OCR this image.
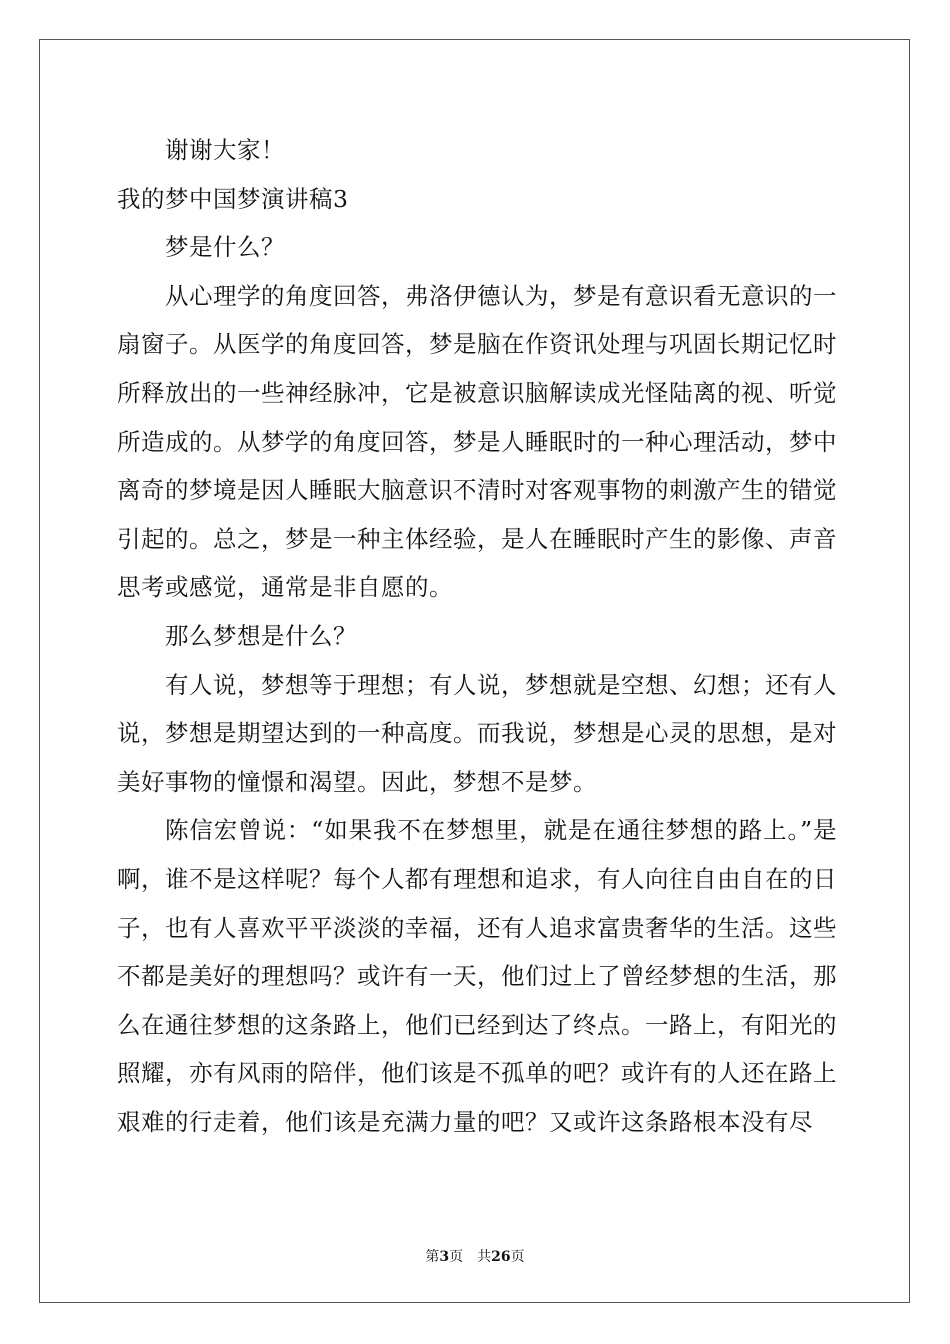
谢谢大家！

我的梦中国梦演讲稿3

梦是什么？

从心理学的角度回答，弗洛伊德认为，梦是有意识看无意识的一扇窗子。从医学的角度回答，梦是脑在作资讯处理与巩固长期记忆时所释放出的一些神经脉冲，它是被意识脑解读成光怪陆离的视、听觉所造成的。从梦学的角度回答，梦是人睡眠时的一种心理活动，梦中离奇的梦境是因人睡眠大脑意识不清时对客观事物的刺激产生的错觉引起的。总之，梦是一种主体经验，是人在睡眠时产生的影像、声音思考或感觉，通常是非自愿的。

那么梦想是什么？

有人说，梦想等于理想；有人说，梦想就是空想、幻想；还有人说，梦想是期望达到的一种高度。而我说，梦想是心灵的思想，是对美好事物的憧憬和渴望。因此，梦想不是梦。

陈信宏曾说：“如果我不在梦想里，就是在通往梦想的路上。”是啊，谁不是这样呢？每个人都有理想和追求，有人向往自由自在的日子，也有人喜欢平平淡淡的幸福，还有人追求富贵奢华的生活。这些不都是美好的理想吗？或许有一天，他们过上了曾经梦想的生活，那么在通往梦想的这条路上，他们已经到达了终点。一路上，有阳光的照耀，亦有风雨的陪伴，他们该是不孤单的吧？或许有的人还在路上艰难的行走着，他们该是充满力量的吧？又或许这条路根本没有尽

第3页 共26页
